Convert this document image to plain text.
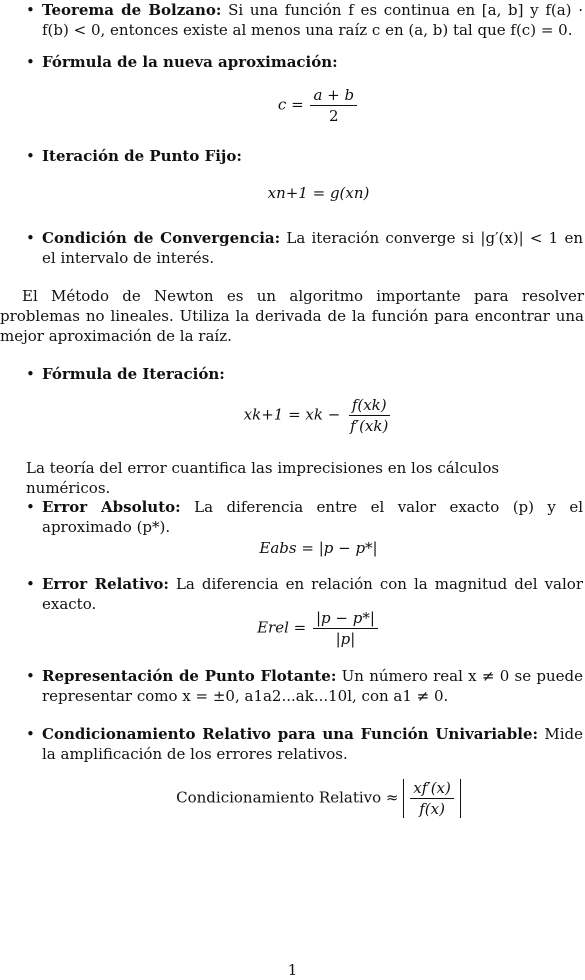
• Teorema de Bolzano: Si una función f es continua en [a, b] y f(a) · f(b) < 0, entonces existe al menos una raíz c en (a, b) tal que f(c) = 0.
• Fórmula de la nueva aproximación:
$c = \frac{a + b}{2}$
• Iteración de Punto Fijo:
xn+1 = g(xn)
• Condición de Convergencia: La iteración converge si |g′(x)| < 1 en el intervalo de interés.
El Método de Newton es un algoritmo importante para resolver problemas no lineales. Utiliza la derivada de la función para encontrar una mejor aproximación de la raíz.
• Fórmula de Iteración:
xk+1 = xk − $\frac{f(xk)}{f'(xk)}$
La teoría del error cuantifica las imprecisiones en los cálculos numéricos.
• Error Absoluto: La diferencia entre el valor exacto (p) y el aproximado (p*).
Eabs = |p − p*|
• Error Relativo: La diferencia en relación con la magnitud del valor exacto.
Erel = $\frac{|p - p*|}{|p|}$
• Representación de Punto Flotante: Un número real x ≠ 0 se puede representar como x = ±0, a1a2...ak...10l, con a1 ≠ 0.
• Condicionamiento Relativo para una Función Univariable: Mide la amplificación de los errores relativos.
Condicionamiento Relativo ≈ $\frac{xf'(x)}{f(x)}$
1
